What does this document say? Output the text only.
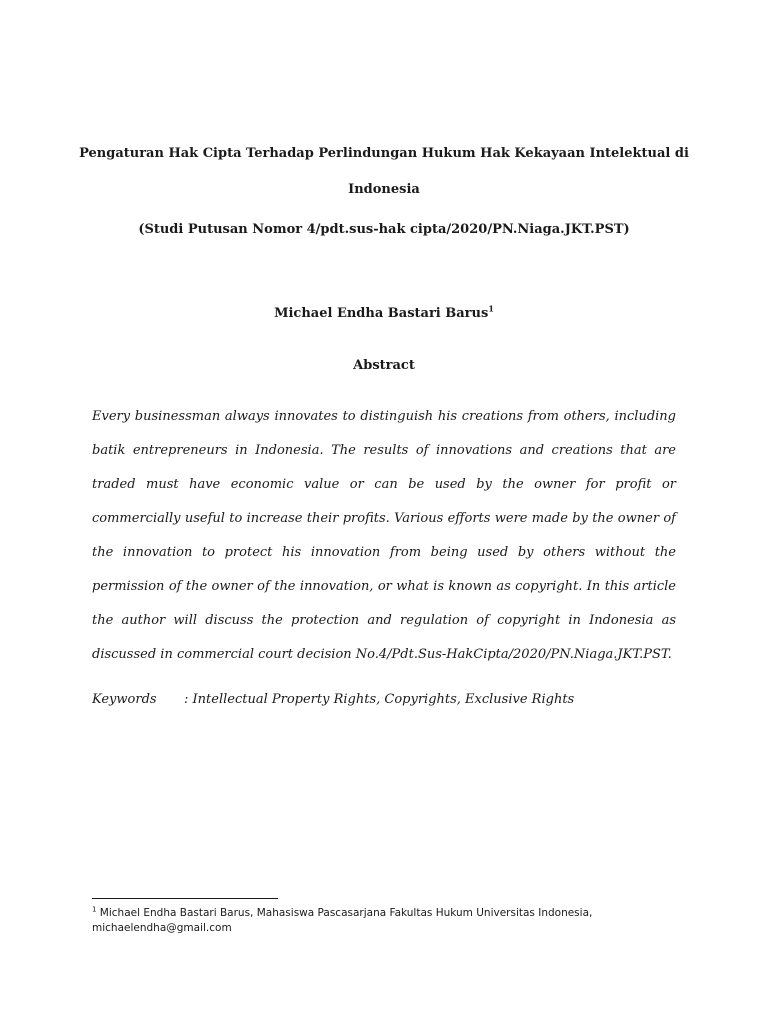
Pengaturan Hak Cipta Terhadap Perlindungan Hukum Hak Kekayaan Intelektual di
Indonesia
(Studi Putusan Nomor 4/pdt.sus-hak cipta/2020/PN.Niaga.JKT.PST)
Michael Endha Bastari Barus$^1$
Abstract
Every businessman always innovates to distinguish his creations from others, including batik entrepreneurs in Indonesia. The results of innovations and creations that are traded must have economic value or can be used by the owner for profit or commercially useful to increase their profits. Various efforts were made by the owner of the innovation to protect his innovation from being used by others without the permission of the owner of the innovation, or what is known as copyright. In this article the author will discuss the protection and regulation of copyright in Indonesia as discussed in commercial court decision No.4/Pdt.Sus-HakCipta/2020/PN.Niaga.JKT.PST.
Keywords	: Intellectual Property Rights, Copyrights, Exclusive Rights
$^1$ Michael Endha Bastari Barus, Mahasiswa Pascasarjana Fakultas Hukum Universitas Indonesia, michaelendha@gmail.com
